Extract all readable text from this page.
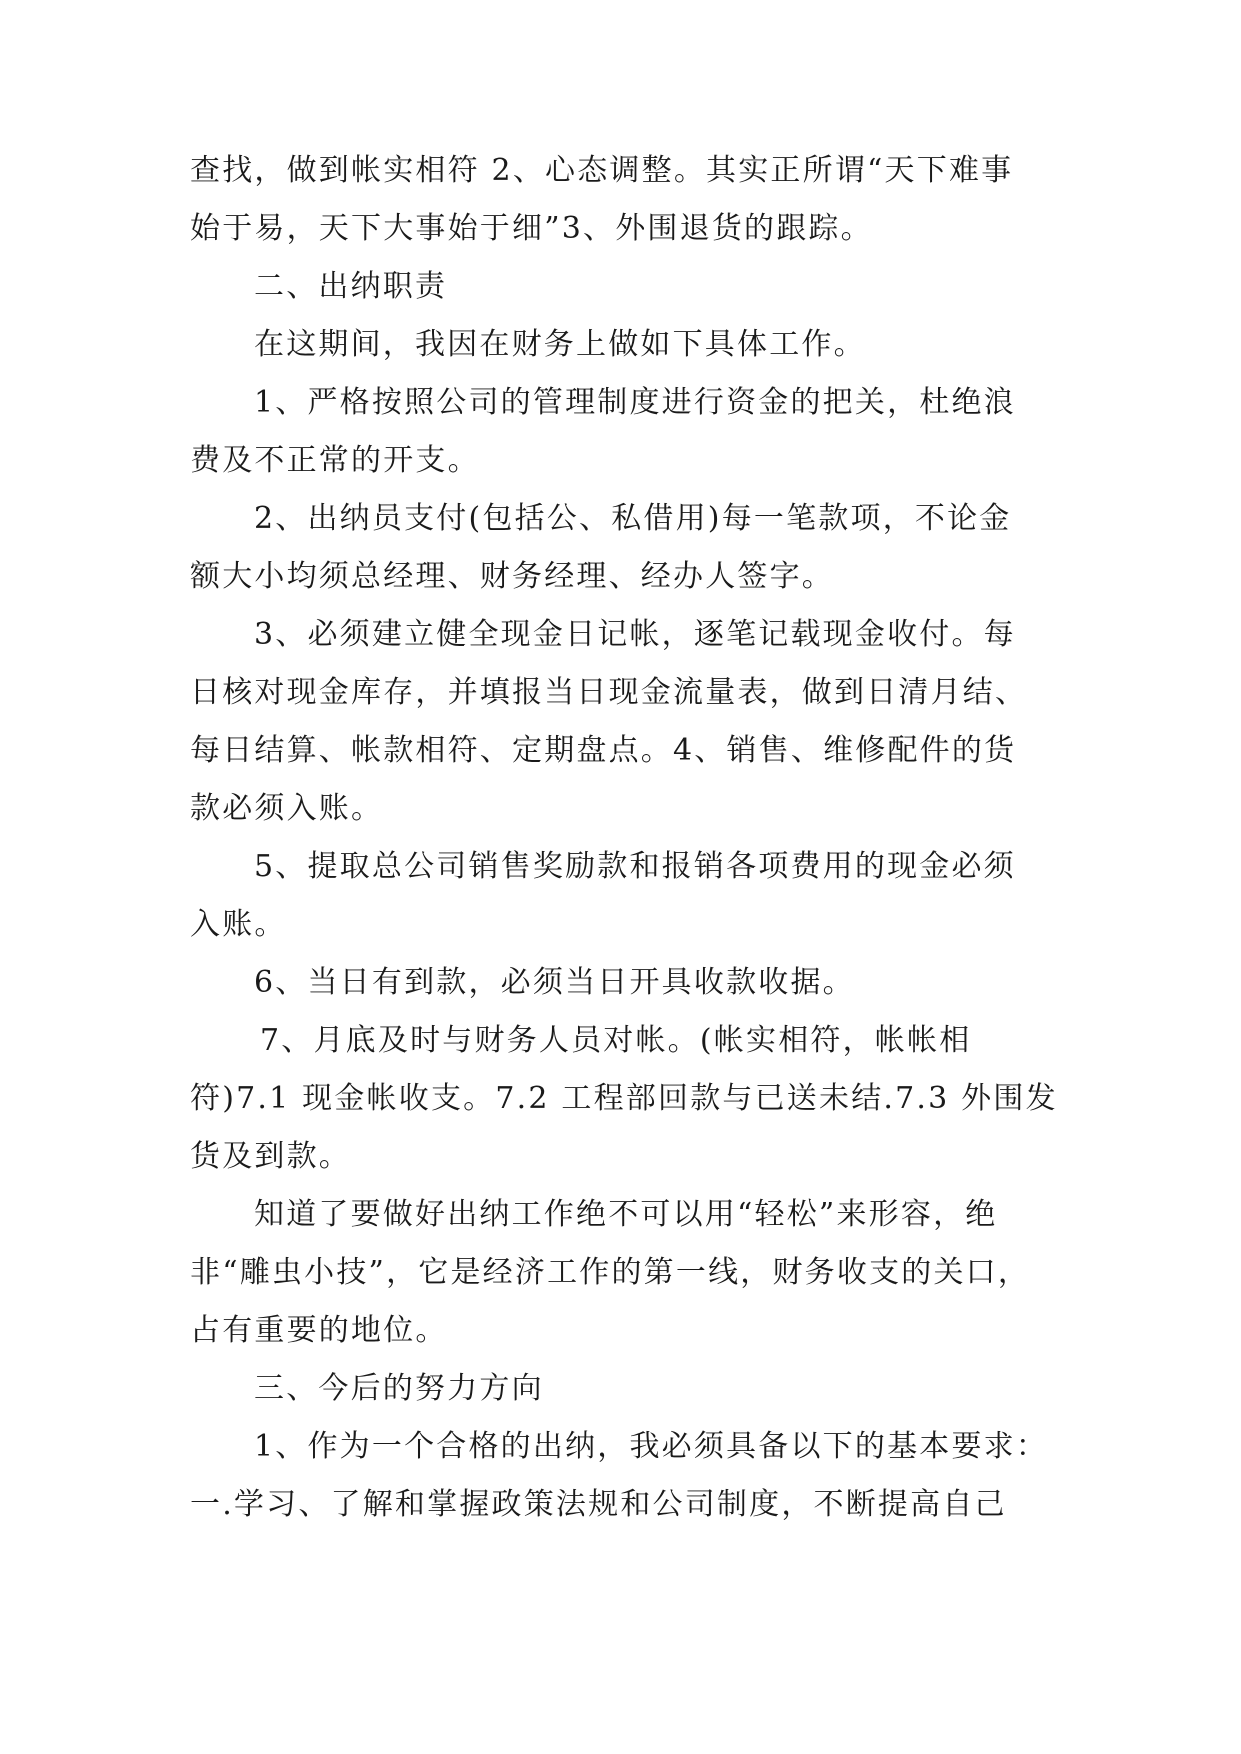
查找，做到帐实相符 2、心态调整。其实正所谓“天下难事
始于易，天下大事始于细”3、外围退货的跟踪。
二、出纳职责
在这期间，我因在财务上做如下具体工作。
1、严格按照公司的管理制度进行资金的把关，杜绝浪
费及不正常的开支。
2、出纳员支付(包括公、私借用)每一笔款项，不论金
额大小均须总经理、财务经理、经办人签字。
3、必须建立健全现金日记帐，逐笔记载现金收付。每
日核对现金库存，并填报当日现金流量表，做到日清月结、
每日结算、帐款相符、定期盘点。4、销售、维修配件的货
款必须入账。
5、提取总公司销售奖励款和报销各项费用的现金必须
入账。
6、当日有到款，必须当日开具收款收据。
7、月底及时与财务人员对帐。(帐实相符，帐帐相
符)7.1 现金帐收支。7.2 工程部回款与已送未结.7.3 外围发
货及到款。
知道了要做好出纳工作绝不可以用“轻松”来形容，绝
非“雕虫小技”，它是经济工作的第一线，财务收支的关口，
占有重要的地位。
三、今后的努力方向
1、作为一个合格的出纳，我必须具备以下的基本要求：
一.学习、了解和掌握政策法规和公司制度，不断提高自己
